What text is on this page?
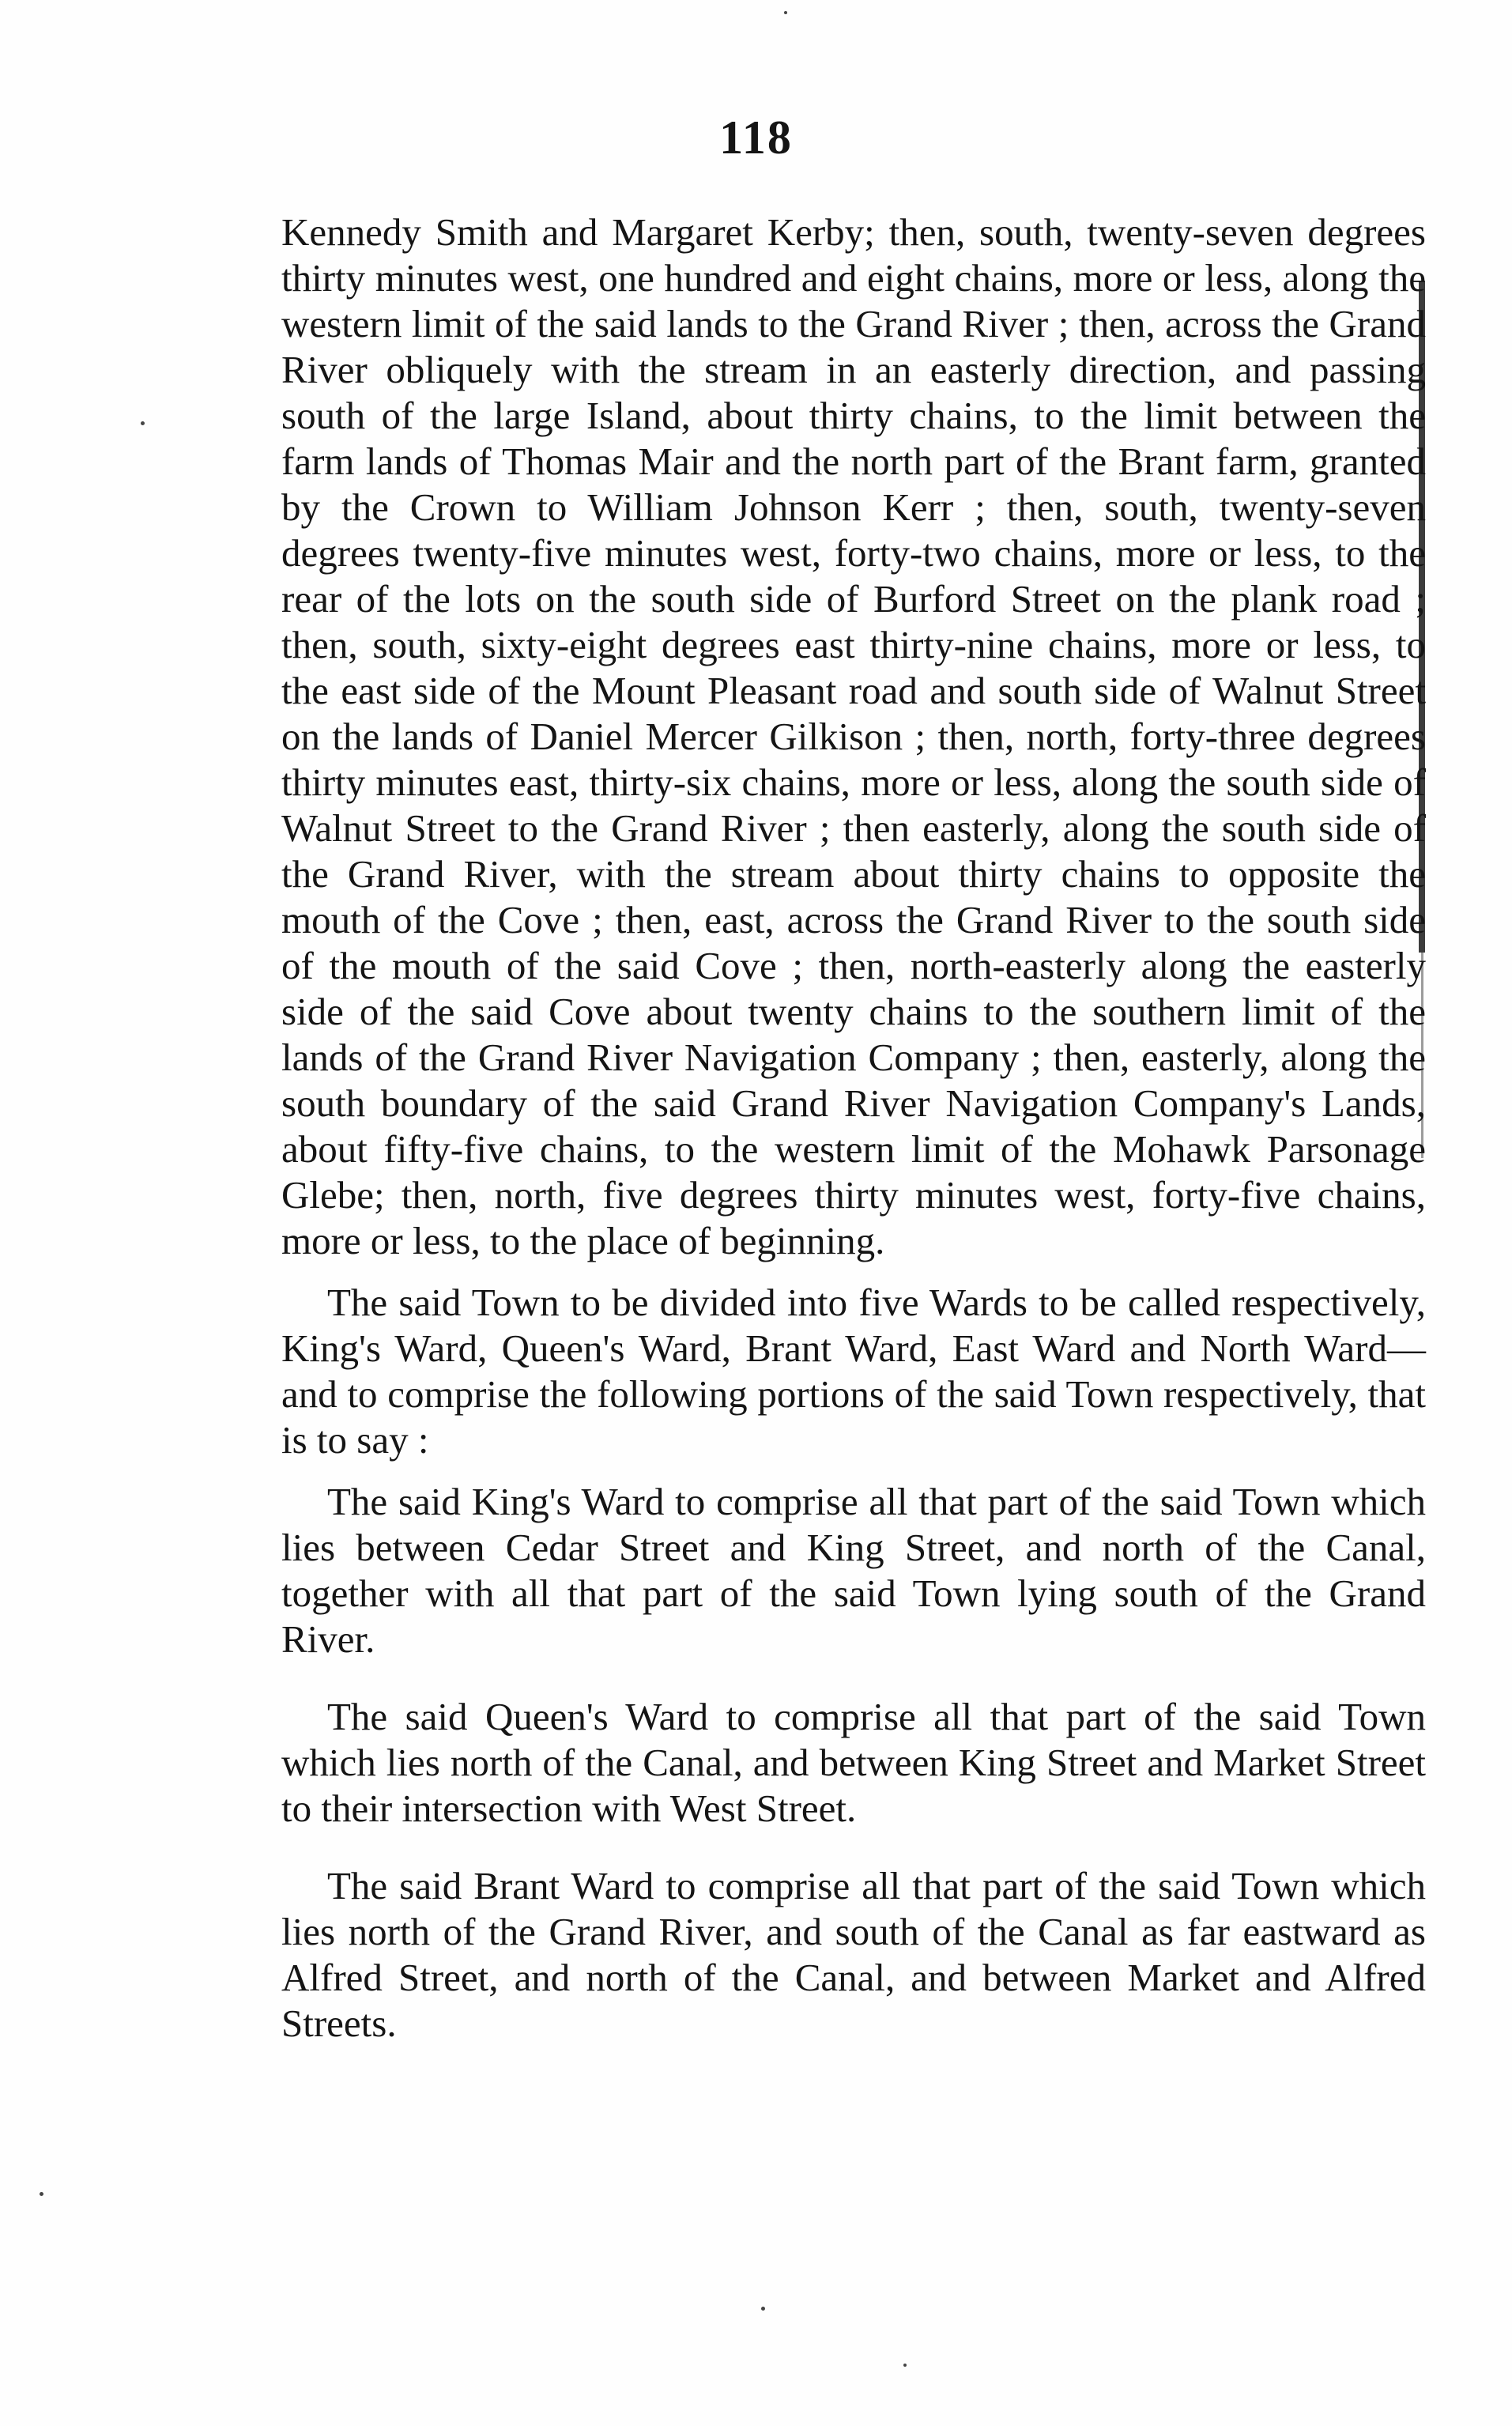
118

Kennedy Smith and Margaret Kerby; then, south, twenty-seven degrees thirty minutes west, one hundred and eight chains, more or less, along the western limit of the said lands to the Grand River ; then, across the Grand River obliquely with the stream in an easterly direction, and passing south of the large Island, about thirty chains, to the limit between the farm lands of Thomas Mair and the north part of the Brant farm, granted by the Crown to William Johnson Kerr ; then, south, twenty-seven degrees twenty-five minutes west, forty-two chains, more or less, to the rear of the lots on the south side of Burford Street on the plank road ; then, south, sixty-eight degrees east thirty-nine chains, more or less, to the east side of the Mount Pleasant road and south side of Walnut Street on the lands of Daniel Mercer Gilkison ; then, north, forty-three degrees thirty minutes east, thirty-six chains, more or less, along the south side of Walnut Street to the Grand River ; then easterly, along the south side of the Grand River, with the stream about thirty chains to opposite the mouth of the Cove ; then, east, across the Grand River to the south side of the mouth of the said Cove ; then, north-easterly along the easterly side of the said Cove about twenty chains to the southern limit of the lands of the Grand River Navigation Company ; then, easterly, along the south boundary of the said Grand River Navigation Company's Lands, about fifty-five chains, to the western limit of the Mohawk Parsonage Glebe; then, north, five degrees thirty minutes west, forty-five chains, more or less, to the place of beginning.

The said Town to be divided into five Wards to be called respectively, King's Ward, Queen's Ward, Brant Ward, East Ward and North Ward—and to comprise the following portions of the said Town respectively, that is to say :

The said King's Ward to comprise all that part of the said Town which lies between Cedar Street and King Street, and north of the Canal, together with all that part of the said Town lying south of the Grand River.

The said Queen's Ward to comprise all that part of the said Town which lies north of the Canal, and between King Street and Market Street to their intersection with West Street.

The said Brant Ward to comprise all that part of the said Town which lies north of the Grand River, and south of the Canal as far eastward as Alfred Street, and north of the Canal, and between Market and Alfred Streets.
